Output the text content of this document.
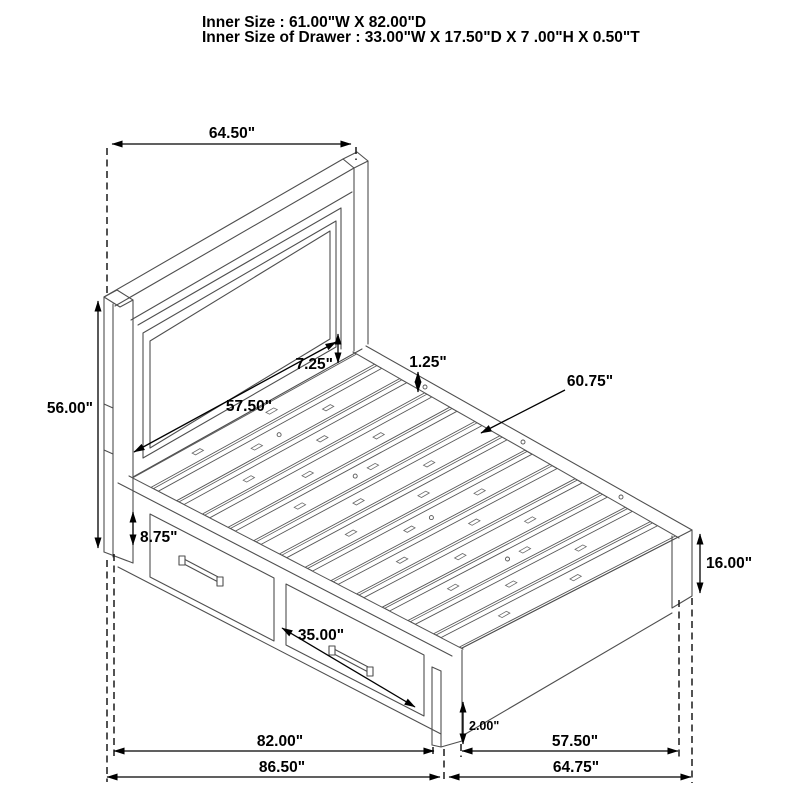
Inner Size : 61.00"W X 82.00"D
Inner Size of Drawer : 33.00"W X 17.50"D X 7 .00"H X 0.50"T
64.50"
56.00"
7.25"	1.25"
57.50"
60.75"
8.75"
35.00"
16.00"
2.00"
82.00"	57.50"
86.50"	64.75"
